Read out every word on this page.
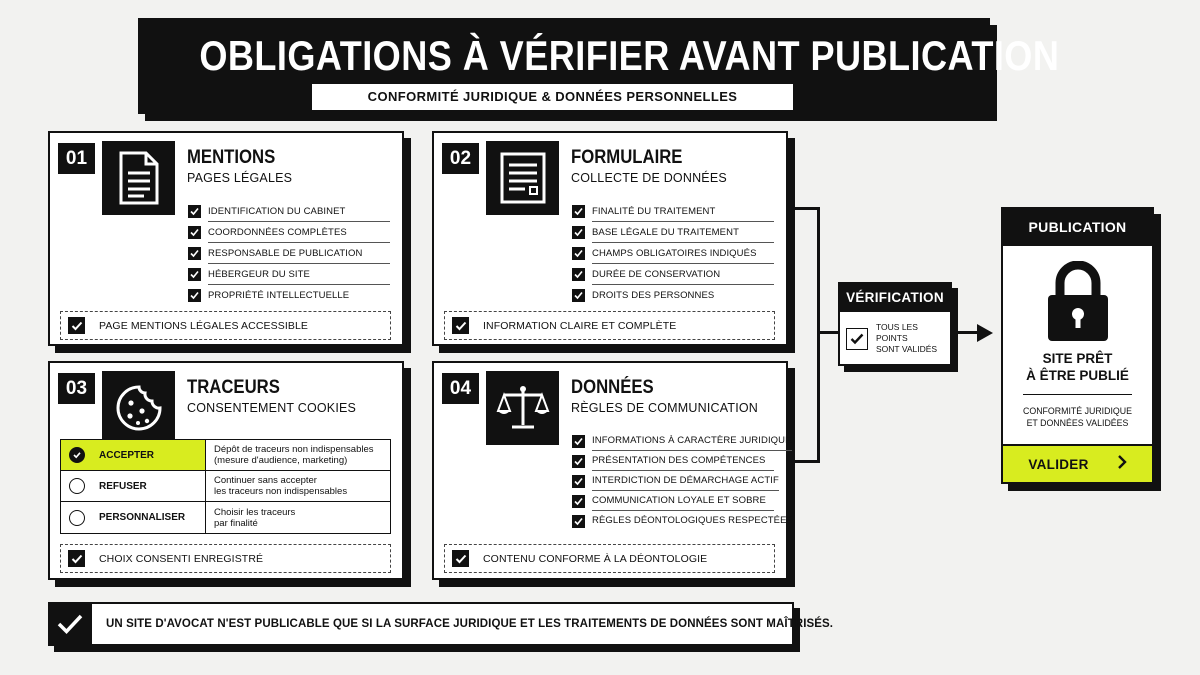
OBLIGATIONS À VÉRIFIER AVANT PUBLICATION
CONFORMITÉ JURIDIQUE & DONNÉES PERSONNELLES
01	MENTIONS
PAGES LÉGALES
IDENTIFICATION DU CABINET
COORDONNÉES COMPLÈTES
RESPONSABLE DE PUBLICATION
HÉBERGEUR DU SITE
PROPRIÉTÉ INTELLECTUELLE
PAGE MENTIONS LÉGALES ACCESSIBLE
02	FORMULAIRE
COLLECTE DE DONNÉES
FINALITÉ DU TRAITEMENT
BASE LÉGALE DU TRAITEMENT
CHAMPS OBLIGATOIRES INDIQUÉS
DURÉE DE CONSERVATION
DROITS DES PERSONNES
INFORMATION CLAIRE ET COMPLÈTE
03	TRACEURS
CONSENTEMENT COOKIES
ACCEPTER	Dépôt de traceurs non indispensables
(mesure d'audience, marketing)
REFUSER	Continuer sans accepter
les traceurs non indispensables
PERSONNALISER	Choisir les traceurs
par finalité
CHOIX CONSENTI ENREGISTRÉ
04	DONNÉES
RÈGLES DE COMMUNICATION
INFORMATIONS À CARACTÈRE JURIDIQUE
PRÉSENTATION DES COMPÉTENCES
INTERDICTION DE DÉMARCHAGE ACTIF
COMMUNICATION LOYALE ET SOBRE
RÈGLES DÉONTOLOGIQUES RESPECTÉES
CONTENU CONFORME À LA DÉONTOLOGIE
VÉRIFICATION
TOUS LES POINTS
SONT VALIDÉS
PUBLICATION
SITE PRÊT
À ÊTRE PUBLIÉ
CONFORMITÉ JURIDIQUE
ET DONNÉES VALIDÉES
VALIDER
UN SITE D'AVOCAT N'EST PUBLICABLE QUE SI LA SURFACE JURIDIQUE ET LES TRAITEMENTS DE DONNÉES SONT MAÎTRISÉS.
